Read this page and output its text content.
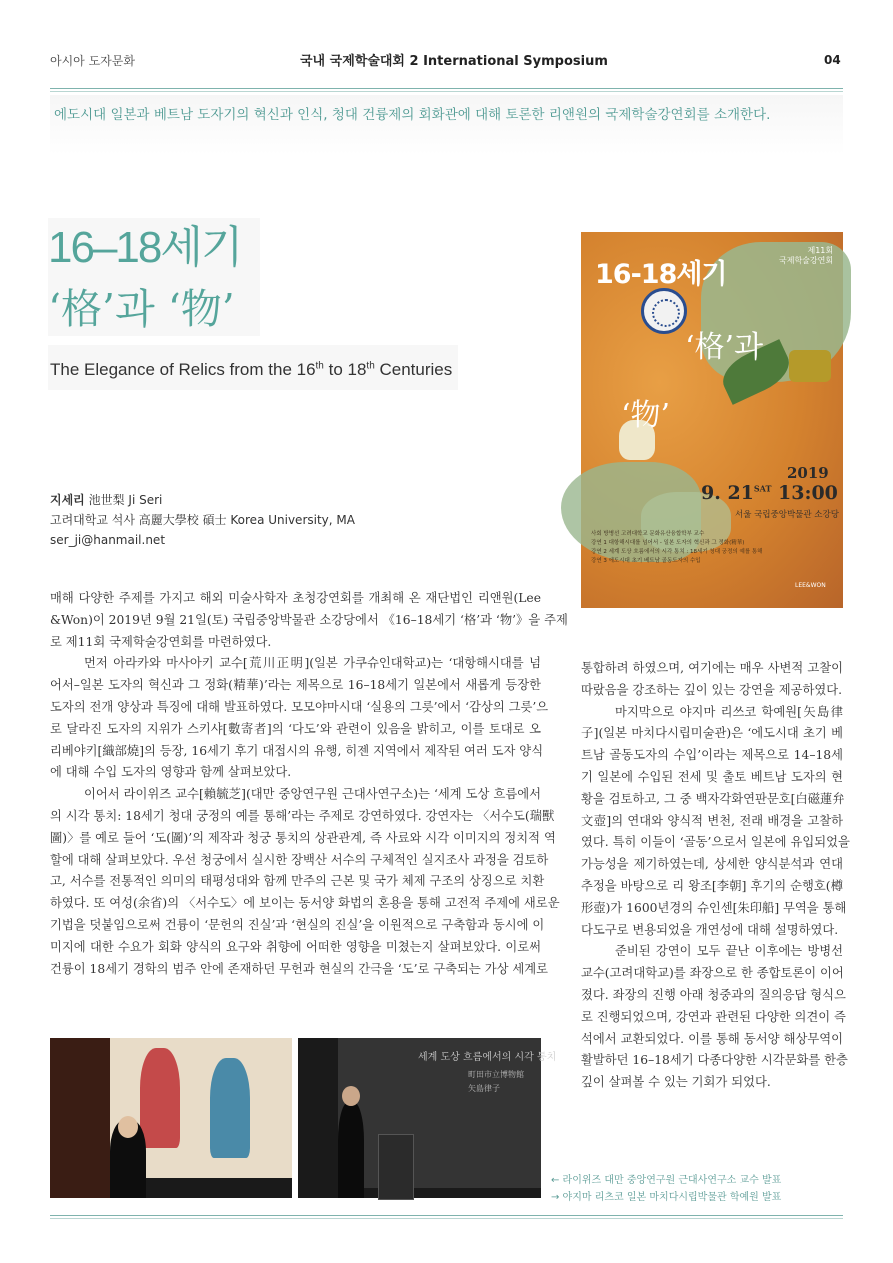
아시아 도자문화	국내 국제학술대회 2 International Symposium	04
에도시대 일본과 베트남 도자기의 혁신과 인식, 청대 건륭제의 회화관에 대해 토론한 리앤원의 국제학술강연회를 소개한다.
16–18세기
‘格’과 ‘物’
The Elegance of Relics from the 16th to 18th Centuries
지세리 池世梨 Ji Seri
고려대학교 석사 高麗大學校 碩士 Korea University, MA
ser_ji@hanmail.net
제11회
국제학술강연회
16-18세기
‘格’과
‘物’
2019
9. $21^{SAT}$ 13:00
서울 국립중앙박물관 소강당
사회 방병선 고려대학교 문화유산융합학부 교수
강연 1 대항해시대를 넘어서 - 일본 도자의 혁신과 그 정화(精華)
강연 2 세계 도상 흐름에서의 시각 통치 : 18세기 청대 궁정의 예를 통해
강연 3 에도시대 초기 베트남 골동도자의 수입
LEE&WON
매해 다양한 주제를 가지고 해외 미술사학자 초청강연회를 개최해 온 재단법인 리앤원(Lee
&Won)이 2019년 9월 21일(토) 국립중앙박물관 소강당에서 《16–18세기 ‘格’과 ‘物’》을 주제
로 제11회 국제학술강연회를 마련하였다.
먼저 아라카와 마사아키 교수[荒川正明](일본 가쿠슈인대학교)는 ‘대항해시대를 넘
어서–일본 도자의 혁신과 그 정화(精華)’라는 제목으로 16–18세기 일본에서 새롭게 등장한
도자의 전개 양상과 특징에 대해 발표하였다. 모모야마시대 ‘실용의 그릇’에서 ‘감상의 그릇’으
로 달라진 도자의 지위가 스키샤[數寄者]의 ‘다도’와 관련이 있음을 밝히고, 이를 토대로 오
리베야키[織部燒]의 등장, 16세기 후기 대접시의 유행, 히젠 지역에서 제작된 여러 도자 양식
에 대해 수입 도자의 영향과 함께 살펴보았다.
이어서 라이위즈 교수[賴毓芝](대만 중앙연구원 근대사연구소)는 ‘세계 도상 흐름에서
의 시각 통치: 18세기 청대 궁정의 예를 통해’라는 주제로 강연하였다. 강연자는 〈서수도(瑞獸
圖)〉를 예로 들어 ‘도(圖)’의 제작과 청궁 통치의 상관관계, 즉 사료와 시각 이미지의 정치적 역
할에 대해 살펴보았다. 우선 청궁에서 실시한 장백산 서수의 구체적인 실지조사 과정을 검토하
고, 서수를 전통적인 의미의 태평성대와 함께 만주의 근본 및 국가 체제 구조의 상징으로 치환
하였다. 또 여성(余省)의 〈서수도〉에 보이는 동서양 화법의 혼용을 통해 고전적 주제에 새로운
기법을 덧붙임으로써 건륭이 ‘문헌의 진실’과 ‘현실의 진실’을 이원적으로 구축함과 동시에 이
미지에 대한 수요가 회화 양식의 요구와 취향에 어떠한 영향을 미쳤는지 살펴보았다. 이로써
건륭이 18세기 경학의 범주 안에 존재하던 무헌과 현실의 간극을 ‘도’로 구축되는 가상 세계로
통합하려 하였으며, 여기에는 매우 사변적 고찰이
따랐음을 강조하는 깊이 있는 강연을 제공하였다.
마지막으로 야지마 리쓰코 학예원[矢島律
子](일본 마치다시립미술관)은 ‘에도시대 초기 베
트남 골동도자의 수입’이라는 제목으로 14–18세
기 일본에 수입된 전세 및 출토 베트남 도자의 현
황을 검토하고, 그 중 백자각화연판문호[白磁蓮弁
文壺]의 연대와 양식적 변천, 전래 배경을 고찰하
였다. 특히 이들이 ‘골동’으로서 일본에 유입되었을
가능성을 제기하였는데, 상세한 양식분석과 연대
추정을 바탕으로 리 왕조[李朝] 후기의 순행호(樽
形壺)가 1600년경의 슈인센[朱印船] 무역을 통해
다도구로 변용되었을 개연성에 대해 설명하였다.
준비된 강연이 모두 끝난 이후에는 방병선
교수(고려대학교)를 좌장으로 한 종합토론이 이어
졌다. 좌장의 진행 아래 청중과의 질의응답 형식으
로 진행되었으며, 강연과 관련된 다양한 의견이 즉
석에서 교환되었다. 이를 통해 동서양 해상무역이
활발하던 16–18세기 다종다양한 시각문화를 한층
깊이 살펴볼 수 있는 기회가 되었다.
세계 도상 흐름에서의 시각 통치
町田市立博物館
矢島律子
← 라이위즈 대만 중앙연구원 근대사연구소 교수 발표
→ 야지마 리츠코 일본 마치다시립박물관 학예원 발표
